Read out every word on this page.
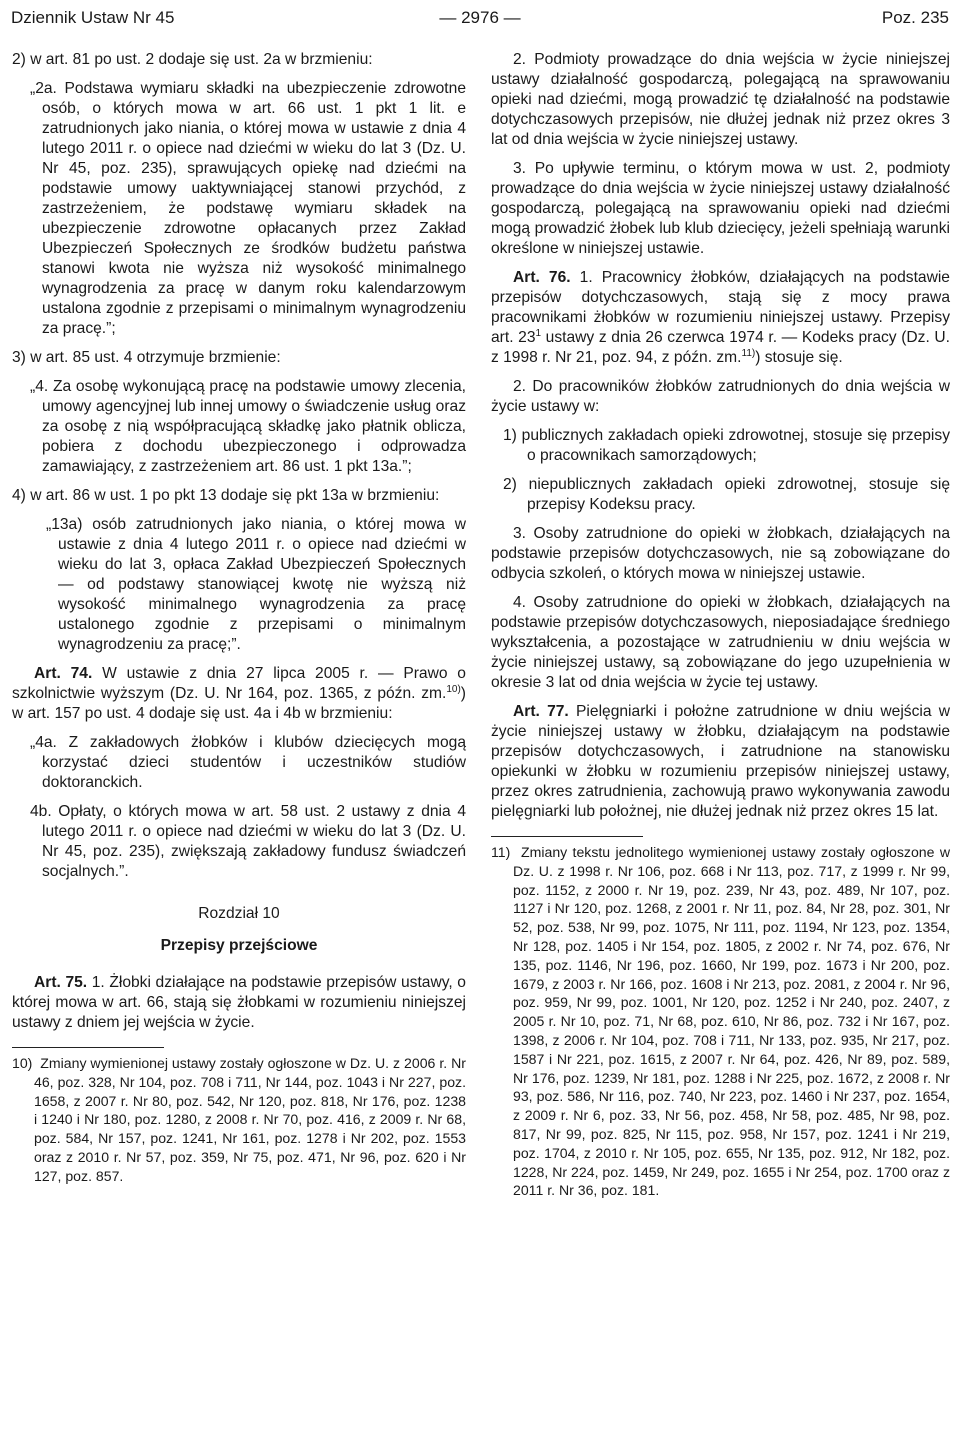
Dziennik Ustaw Nr 45	— 2976 —	Poz. 235

2) w art. 81 po ust. 2 dodaje się ust. 2a w brzmieniu:

„2a. Podstawa wymiaru składki na ubezpieczenie zdrowotne osób, o których mowa w art. 66 ust. 1 pkt 1 lit. e zatrudnionych jako niania, o której mowa w ustawie z dnia 4 lutego 2011 r. o opiece nad dziećmi w wieku do lat 3 (Dz. U. Nr 45, poz. 235), sprawujących opiekę nad dziećmi na podstawie umowy uaktywniającej stanowi przychód, z zastrzeżeniem, że podstawę wymiaru składek na ubezpieczenie zdrowotne opłacanych przez Zakład Ubezpieczeń Społecznych ze środków budżetu państwa stanowi kwota nie wyższa niż wysokość minimalnego wynagrodzenia za pracę w danym roku kalendarzowym ustalona zgodnie z przepisami o minimalnym wynagrodzeniu za pracę.”;

3) w art. 85 ust. 4 otrzymuje brzmienie:

„4. Za osobę wykonującą pracę na podstawie umowy zlecenia, umowy agencyjnej lub innej umowy o świadczenie usług oraz za osobę z nią współpracującą składkę jako płatnik oblicza, pobiera z dochodu ubezpieczonego i odprowadza zamawiający, z zastrzeżeniem art. 86 ust. 1 pkt 13a.”;

4) w art. 86 w ust. 1 po pkt 13 dodaje się pkt 13a w brzmieniu:

„13a) osób zatrudnionych jako niania, o której mowa w ustawie z dnia 4 lutego 2011 r. o opiece nad dziećmi w wieku do lat 3, opłaca Zakład Ubezpieczeń Społecznych — od podstawy stanowiącej kwotę nie wyższą niż wysokość minimalnego wynagrodzenia za pracę ustalonego zgodnie z przepisami o minimalnym wynagrodzeniu za pracę;”.

Art. 74. W ustawie z dnia 27 lipca 2005 r. — Prawo o szkolnictwie wyższym (Dz. U. Nr 164, poz. 1365, z późn. zm.$^{10)}$) w art. 157 po ust. 4 dodaje się ust. 4a i 4b w brzmieniu:

„4a. Z zakładowych żłobków i klubów dziecięcych mogą korzystać dzieci studentów i uczestników studiów doktoranckich.

4b. Opłaty, o których mowa w art. 58 ust. 2 ustawy z dnia 4 lutego 2011 r. o opiece nad dziećmi w wieku do lat 3 (Dz. U. Nr 45, poz. 235), zwiększają zakładowy fundusz świadczeń socjalnych.”.

Rozdział 10

Przepisy przejściowe

Art. 75. 1. Żłobki działające na podstawie przepisów ustawy, o której mowa w art. 66, stają się żłobkami w rozumieniu niniejszej ustawy z dniem jej wejścia w życie.

10) Zmiany wymienionej ustawy zostały ogłoszone w Dz. U. z 2006 r. Nr 46, poz. 328, Nr 104, poz. 708 i 711, Nr 144, poz. 1043 i Nr 227, poz. 1658, z 2007 r. Nr 80, poz. 542, Nr 120, poz. 818, Nr 176, poz. 1238 i 1240 i Nr 180, poz. 1280, z 2008 r. Nr 70, poz. 416, z 2009 r. Nr 68, poz. 584, Nr 157, poz. 1241, Nr 161, poz. 1278 i Nr 202, poz. 1553 oraz z 2010 r. Nr 57, poz. 359, Nr 75, poz. 471, Nr 96, poz. 620 i Nr 127, poz. 857.

2. Podmioty prowadzące do dnia wejścia w życie niniejszej ustawy działalność gospodarczą, polegającą na sprawowaniu opieki nad dziećmi, mogą prowadzić tę działalność na podstawie dotychczasowych przepisów, nie dłużej jednak niż przez okres 3 lat od dnia wejścia w życie niniejszej ustawy.

3. Po upływie terminu, o którym mowa w ust. 2, podmioty prowadzące do dnia wejścia w życie niniejszej ustawy działalność gospodarczą, polegającą na sprawowaniu opieki nad dziećmi mogą prowadzić żłobek lub klub dziecięcy, jeżeli spełniają warunki określone w niniejszej ustawie.

Art. 76. 1. Pracownicy żłobków, działających na podstawie przepisów dotychczasowych, stają się z mocy prawa pracownikami żłobków w rozumieniu niniejszej ustawy. Przepisy art. $23^1$ ustawy z dnia 26 czerwca 1974 r. — Kodeks pracy (Dz. U. z 1998 r. Nr 21, poz. 94, z późn. zm.$^{11)}$) stosuje się.

2. Do pracowników żłobków zatrudnionych do dnia wejścia w życie ustawy w:

1) publicznych zakładach opieki zdrowotnej, stosuje się przepisy o pracownikach samorządowych;

2) niepublicznych zakładach opieki zdrowotnej, stosuje się przepisy Kodeksu pracy.

3. Osoby zatrudnione do opieki w żłobkach, działających na podstawie przepisów dotychczasowych, nie są zobowiązane do odbycia szkoleń, o których mowa w niniejszej ustawie.

4. Osoby zatrudnione do opieki w żłobkach, działających na podstawie przepisów dotychczasowych, nieposiadające średniego wykształcenia, a pozostające w zatrudnieniu w dniu wejścia w życie niniejszej ustawy, są zobowiązane do jego uzupełnienia w okresie 3 lat od dnia wejścia w życie tej ustawy.

Art. 77. Pielęgniarki i położne zatrudnione w dniu wejścia w życie niniejszej ustawy w żłobku, działającym na podstawie przepisów dotychczasowych, i zatrudnione na stanowisku opiekunki w żłobku w rozumieniu przepisów niniejszej ustawy, przez okres zatrudnienia, zachowują prawo wykonywania zawodu pielęgniarki lub położnej, nie dłużej jednak niż przez okres 15 lat.

11) Zmiany tekstu jednolitego wymienionej ustawy zostały ogłoszone w Dz. U. z 1998 r. Nr 106, poz. 668 i Nr 113, poz. 717, z 1999 r. Nr 99, poz. 1152, z 2000 r. Nr 19, poz. 239, Nr 43, poz. 489, Nr 107, poz. 1127 i Nr 120, poz. 1268, z 2001 r. Nr 11, poz. 84, Nr 28, poz. 301, Nr 52, poz. 538, Nr 99, poz. 1075, Nr 111, poz. 1194, Nr 123, poz. 1354, Nr 128, poz. 1405 i Nr 154, poz. 1805, z 2002 r. Nr 74, poz. 676, Nr 135, poz. 1146, Nr 196, poz. 1660, Nr 199, poz. 1673 i Nr 200, poz. 1679, z 2003 r. Nr 166, poz. 1608 i Nr 213, poz. 2081, z 2004 r. Nr 96, poz. 959, Nr 99, poz. 1001, Nr 120, poz. 1252 i Nr 240, poz. 2407, z 2005 r. Nr 10, poz. 71, Nr 68, poz. 610, Nr 86, poz. 732 i Nr 167, poz. 1398, z 2006 r. Nr 104, poz. 708 i 711, Nr 133, poz. 935, Nr 217, poz. 1587 i Nr 221, poz. 1615, z 2007 r. Nr 64, poz. 426, Nr 89, poz. 589, Nr 176, poz. 1239, Nr 181, poz. 1288 i Nr 225, poz. 1672, z 2008 r. Nr 93, poz. 586, Nr 116, poz. 740, Nr 223, poz. 1460 i Nr 237, poz. 1654, z 2009 r. Nr 6, poz. 33, Nr 56, poz. 458, Nr 58, poz. 485, Nr 98, poz. 817, Nr 99, poz. 825, Nr 115, poz. 958, Nr 157, poz. 1241 i Nr 219, poz. 1704, z 2010 r. Nr 105, poz. 655, Nr 135, poz. 912, Nr 182, poz. 1228, Nr 224, poz. 1459, Nr 249, poz. 1655 i Nr 254, poz. 1700 oraz z 2011 r. Nr 36, poz. 181.
